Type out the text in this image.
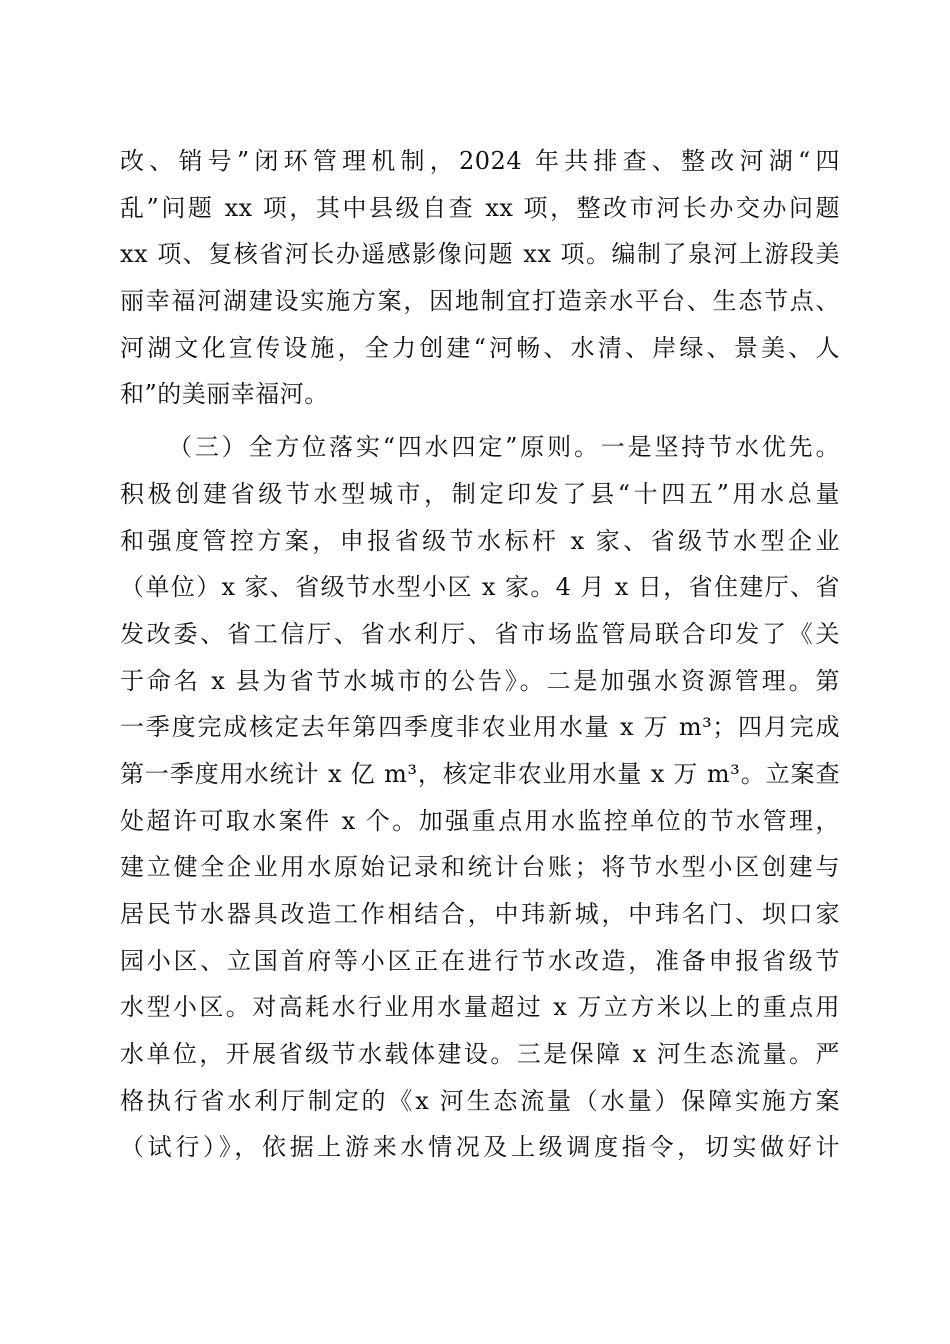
改、销号”闭环管理机制，2024 年共排查、整改河湖“四
乱”问题 xx 项，其中县级自查 xx 项，整改市河长办交办问题
xx 项、复核省河长办遥感影像问题 xx 项。编制了泉河上游段美
丽幸福河湖建设实施方案，因地制宜打造亲水平台、生态节点、
河湖文化宣传设施，全力创建“河畅、水清、岸绿、景美、人
和”的美丽幸福河。
（三）全方位落实“四水四定”原则。一是坚持节水优先。
积极创建省级节水型城市，制定印发了县“十四五”用水总量
和强度管控方案，申报省级节水标杆 x 家、省级节水型企业
（单位）x 家、省级节水型小区 x 家。4 月 x 日，省住建厅、省
发改委、省工信厅、省水利厅、省市场监管局联合印发了《关
于命名 x 县为省节水城市的公告》。二是加强水资源管理。第
一季度完成核定去年第四季度非农业用水量 x 万 m³；四月完成
第一季度用水统计 x 亿 m³，核定非农业用水量 x 万 m³。立案查
处超许可取水案件 x 个。加强重点用水监控单位的节水管理，
建立健全企业用水原始记录和统计台账；将节水型小区创建与
居民节水器具改造工作相结合，中玮新城，中玮名门、坝口家
园小区、立国首府等小区正在进行节水改造，准备申报省级节
水型小区。对高耗水行业用水量超过 x 万立方米以上的重点用
水单位，开展省级节水载体建设。三是保障 x 河生态流量。严
格执行省水利厅制定的《x 河生态流量（水量）保障实施方案
（试行）》，依据上游来水情况及上级调度指令，切实做好计
